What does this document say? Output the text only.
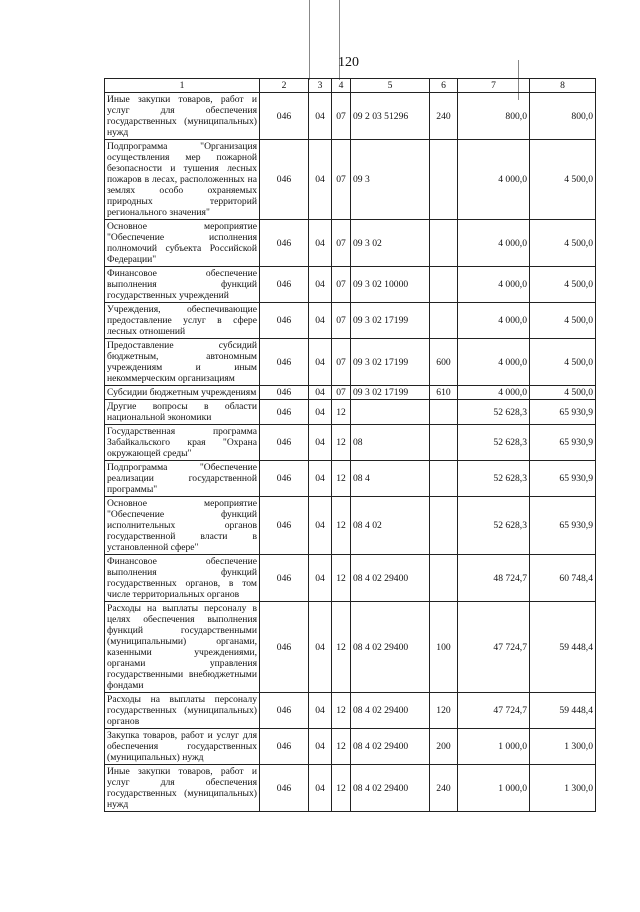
120
1	2	3	4	5	6	7	8
Иные закупки товаров, работ и услуг для обеспечения государственных (муниципальных) нужд	046	04	07	09 2 03 51296	240	800,0	800,0
Подпрограмма "Организация осуществления мер пожарной безопасности и тушения лесных пожаров в лесах, расположенных на землях особо охраняемых природных территорий регионального значения"	046	04	07	09 3		4 000,0	4 500,0
Основное мероприятие "Обеспечение исполнения полномочий субъекта Российской Федерации"	046	04	07	09 3 02		4 000,0	4 500,0
Финансовое обеспечение выполнения функций государственных учреждений	046	04	07	09 3 02 10000		4 000,0	4 500,0
Учреждения, обеспечивающие предоставление услуг в сфере лесных отношений	046	04	07	09 3 02 17199		4 000,0	4 500,0
Предоставление субсидий бюджетным, автономным учреждениям и иным некоммерческим организациям	046	04	07	09 3 02 17199	600	4 000,0	4 500,0
Субсидии бюджетным учреждениям	046	04	07	09 3 02 17199	610	4 000,0	4 500,0
Другие вопросы в области национальной экономики	046	04	12			52 628,3	65 930,9
Государственная программа Забайкальского края "Охрана окружающей среды"	046	04	12	08		52 628,3	65 930,9
Подпрограмма "Обеспечение реализации государственной программы"	046	04	12	08 4		52 628,3	65 930,9
Основное мероприятие "Обеспечение функций исполнительных органов государственной власти в установленной сфере"	046	04	12	08 4 02		52 628,3	65 930,9
Финансовое обеспечение выполнения функций государственных органов, в том числе территориальных органов	046	04	12	08 4 02 29400		48 724,7	60 748,4
Расходы на выплаты персоналу в целях обеспечения выполнения функций государственными (муниципальными) органами, казенными учреждениями, органами управления государственными внебюджетными фондами	046	04	12	08 4 02 29400	100	47 724,7	59 448,4
Расходы на выплаты персоналу государственных (муниципальных) органов	046	04	12	08 4 02 29400	120	47 724,7	59 448,4
Закупка товаров, работ и услуг для обеспечения государственных (муниципальных) нужд	046	04	12	08 4 02 29400	200	1 000,0	1 300,0
Иные закупки товаров, работ и услуг для обеспечения государственных (муниципальных) нужд	046	04	12	08 4 02 29400	240	1 000,0	1 300,0
